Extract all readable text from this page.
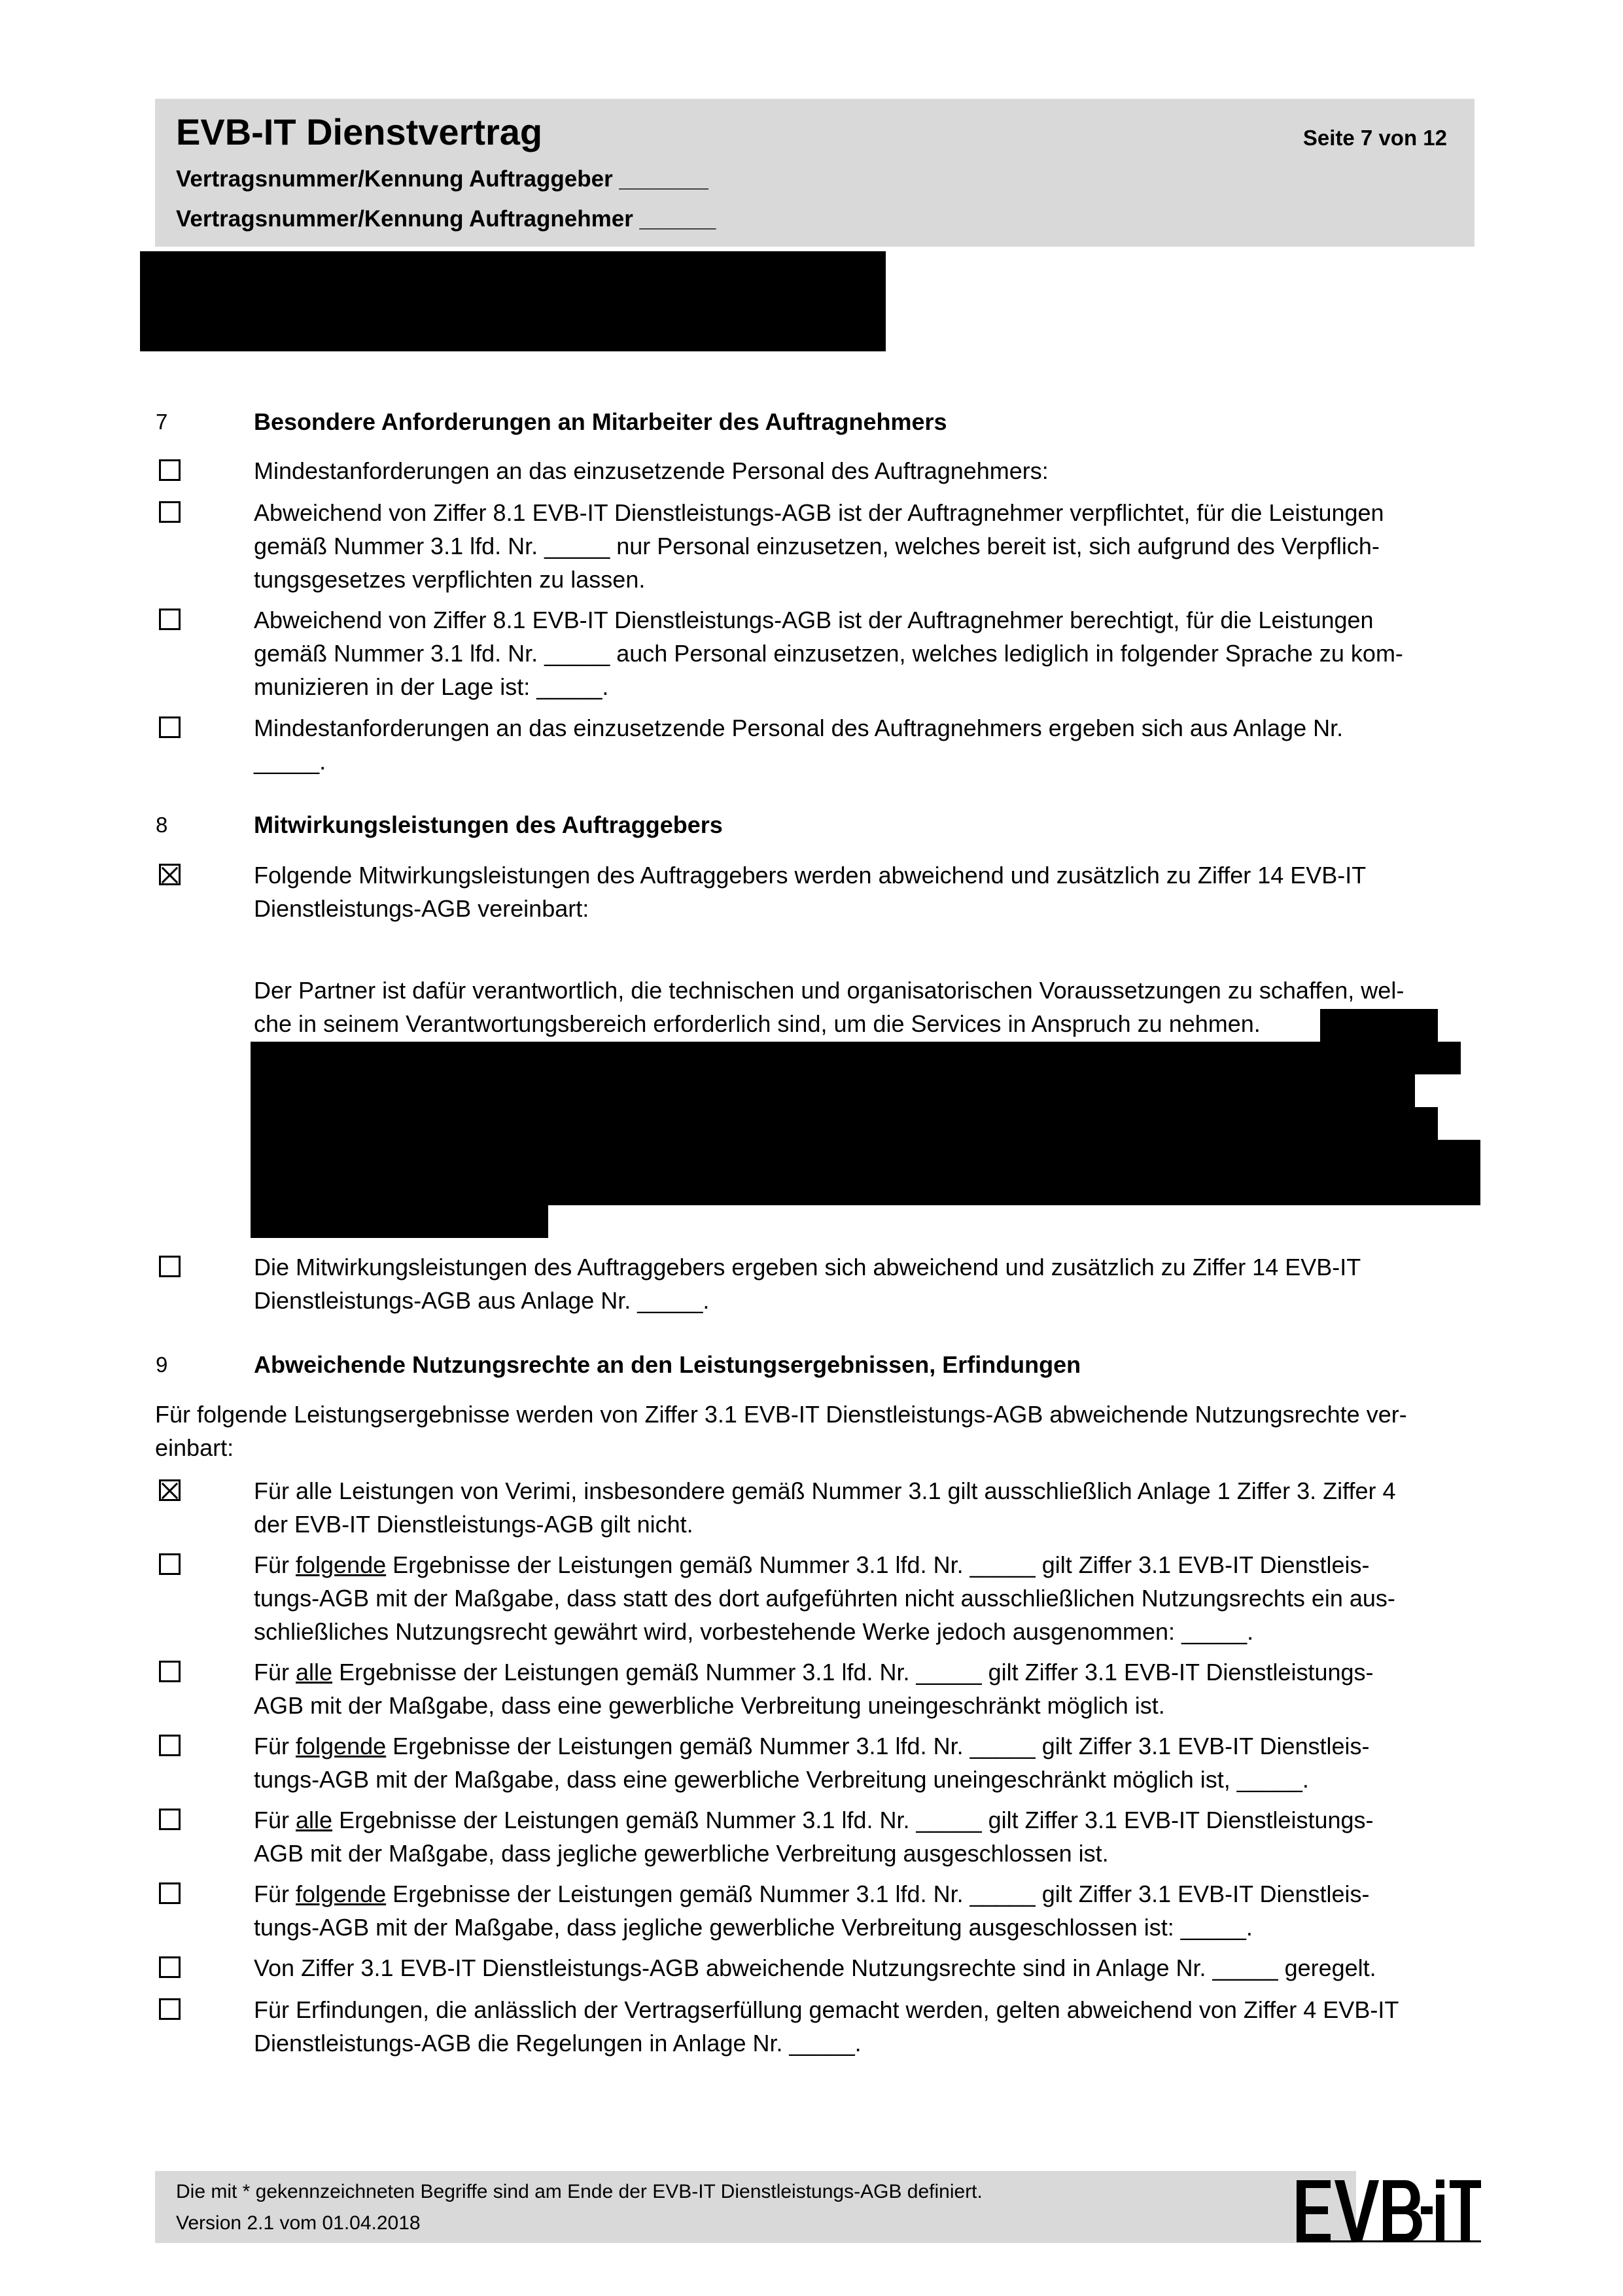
EVB-IT Dienstvertrag	Seite 7 von 12
Vertragsnummer/Kennung Auftraggeber _______
Vertragsnummer/Kennung Auftragnehmer ______
7	Besondere Anforderungen an Mitarbeiter des Auftragnehmers
Mindestanforderungen an das einzusetzende Personal des Auftragnehmers:
Abweichend von Ziffer 8.1 EVB-IT Dienstleistungs-AGB ist der Auftragnehmer verpflichtet, für die Leistungen
gemäß Nummer 3.1 lfd. Nr. _____ nur Personal einzusetzen, welches bereit ist, sich aufgrund des Verpflich-
tungsgesetzes verpflichten zu lassen.
Abweichend von Ziffer 8.1 EVB-IT Dienstleistungs-AGB ist der Auftragnehmer berechtigt, für die Leistungen
gemäß Nummer 3.1 lfd. Nr. _____ auch Personal einzusetzen, welches lediglich in folgender Sprache zu kom-
munizieren in der Lage ist: _____.
Mindestanforderungen an das einzusetzende Personal des Auftragnehmers ergeben sich aus Anlage Nr.
_____.
8	Mitwirkungsleistungen des Auftraggebers
Folgende Mitwirkungsleistungen des Auftraggebers werden abweichend und zusätzlich zu Ziffer 14 EVB-IT
Dienstleistungs-AGB vereinbart:
Der Partner ist dafür verantwortlich, die technischen und organisatorischen Voraussetzungen zu schaffen, wel-
che in seinem Verantwortungsbereich erforderlich sind, um die Services in Anspruch zu nehmen.
Die Mitwirkungsleistungen des Auftraggebers ergeben sich abweichend und zusätzlich zu Ziffer 14 EVB-IT
Dienstleistungs-AGB aus Anlage Nr. _____.
9	Abweichende Nutzungsrechte an den Leistungsergebnissen, Erfindungen
Für folgende Leistungsergebnisse werden von Ziffer 3.1 EVB-IT Dienstleistungs-AGB abweichende Nutzungsrechte ver-
einbart:
Für alle Leistungen von Verimi, insbesondere gemäß Nummer 3.1 gilt ausschließlich Anlage 1 Ziffer 3. Ziffer 4
der EVB-IT Dienstleistungs-AGB gilt nicht.
Für folgende Ergebnisse der Leistungen gemäß Nummer 3.1 lfd. Nr. _____ gilt Ziffer 3.1 EVB-IT Dienstleis-
tungs-AGB mit der Maßgabe, dass statt des dort aufgeführten nicht ausschließlichen Nutzungsrechts ein aus-
schließliches Nutzungsrecht gewährt wird, vorbestehende Werke jedoch ausgenommen: _____.
Für alle Ergebnisse der Leistungen gemäß Nummer 3.1 lfd. Nr. _____ gilt Ziffer 3.1 EVB-IT Dienstleistungs-
AGB mit der Maßgabe, dass eine gewerbliche Verbreitung uneingeschränkt möglich ist.
Für folgende Ergebnisse der Leistungen gemäß Nummer 3.1 lfd. Nr. _____ gilt Ziffer 3.1 EVB-IT Dienstleis-
tungs-AGB mit der Maßgabe, dass eine gewerbliche Verbreitung uneingeschränkt möglich ist, _____.
Für alle Ergebnisse der Leistungen gemäß Nummer 3.1 lfd. Nr. _____ gilt Ziffer 3.1 EVB-IT Dienstleistungs-
AGB mit der Maßgabe, dass jegliche gewerbliche Verbreitung ausgeschlossen ist.
Für folgende Ergebnisse der Leistungen gemäß Nummer 3.1 lfd. Nr. _____ gilt Ziffer 3.1 EVB-IT Dienstleis-
tungs-AGB mit der Maßgabe, dass jegliche gewerbliche Verbreitung ausgeschlossen ist: _____.
Von Ziffer 3.1 EVB-IT Dienstleistungs-AGB abweichende Nutzungsrechte sind in Anlage Nr. _____ geregelt.
Für Erfindungen, die anlässlich der Vertragserfüllung gemacht werden, gelten abweichend von Ziffer 4 EVB-IT
Dienstleistungs-AGB die Regelungen in Anlage Nr. _____.
Die mit * gekennzeichneten Begriffe sind am Ende der EVB-IT Dienstleistungs-AGB definiert.
Version 2.1 vom 01.04.2018
